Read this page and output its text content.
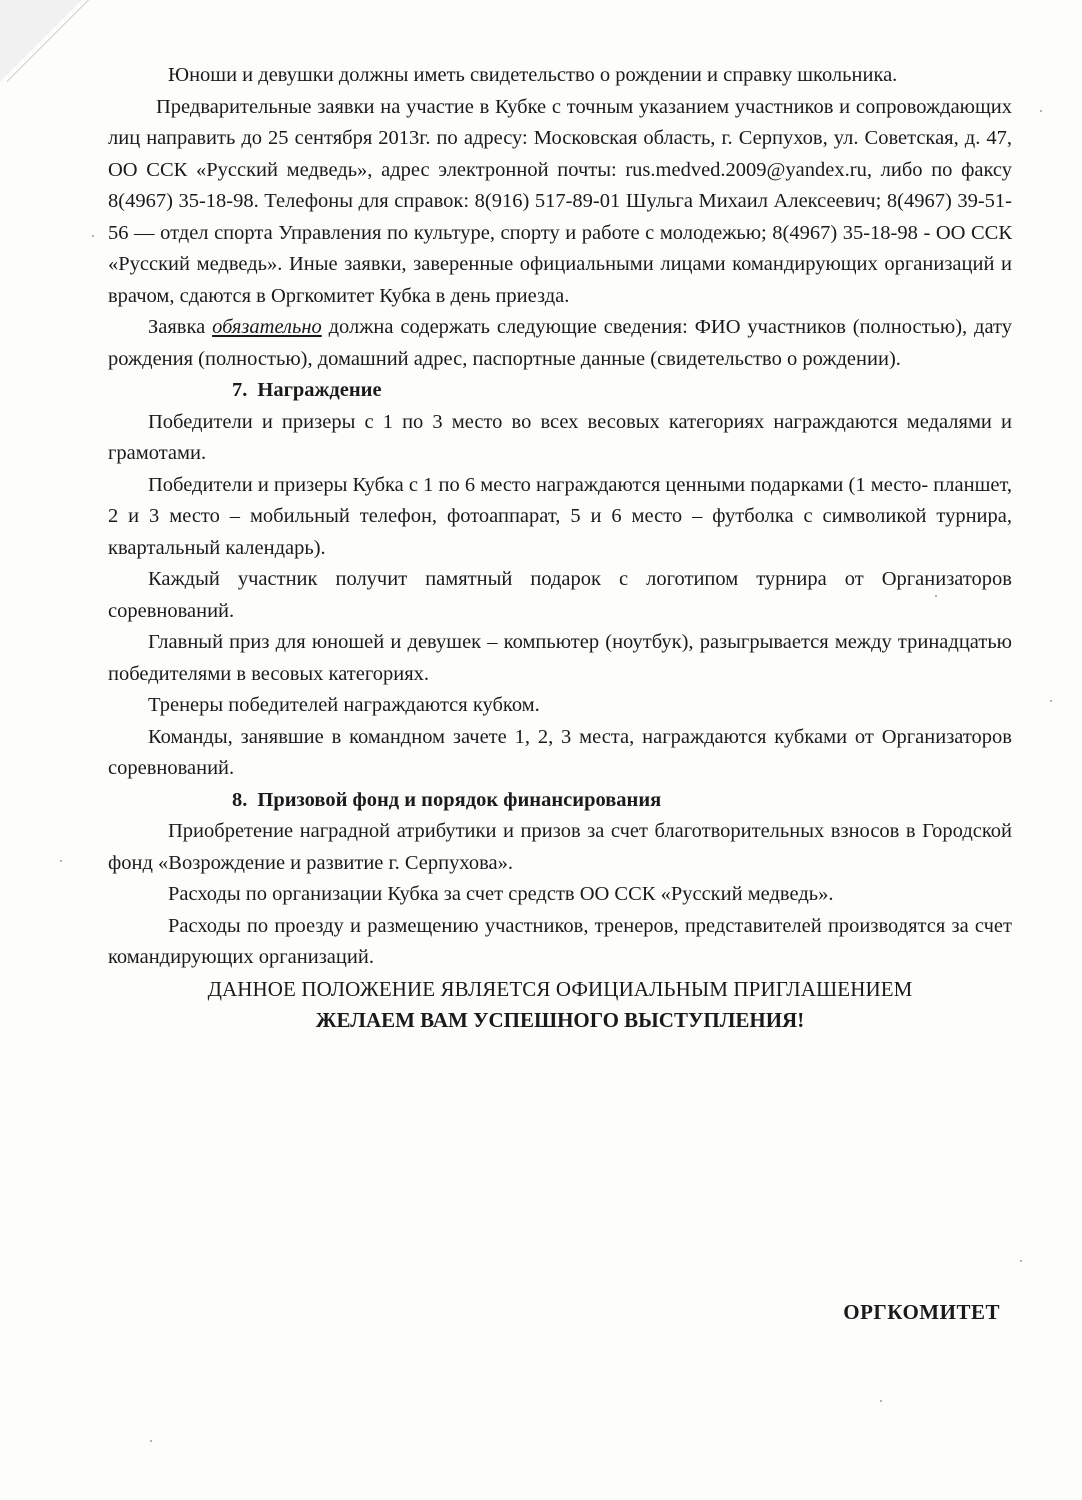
Юноши и девушки должны иметь свидетельство о рождении и справку школьника.

Предварительные заявки на участие в Кубке с точным указанием участников и сопровождающих лиц направить до 25 сентября 2013г. по адресу: Московская область, г. Серпухов, ул. Советская, д. 47, ОО ССК «Русский медведь», адрес электронной почты: rus.medved.2009@yandex.ru, либо по факсу 8(4967) 35-18-98. Телефоны для справок: 8(916) 517-89-01 Шульга Михаил Алексеевич; 8(4967) 39-51-56 — отдел спорта Управления по культуре, спорту и работе с молодежью; 8(4967) 35-18-98 - ОО ССК «Русский медведь». Иные заявки, заверенные официальными лицами командирующих организаций и врачом, сдаются в Оргкомитет Кубка в день приезда.

Заявка обязательно должна содержать следующие сведения: ФИО участников (полностью), дату рождения (полностью), домашний адрес, паспортные данные (свидетельство о рождении).

7. Награждение

Победители и призеры с 1 по 3 место во всех весовых категориях награждаются медалями и грамотами.

Победители и призеры Кубка с 1 по 6 место награждаются ценными подарками (1 место- планшет, 2 и 3 место – мобильный телефон, фотоаппарат, 5 и 6 место – футболка с символикой турнира, квартальный календарь).

Каждый участник получит памятный подарок с логотипом турнира от Организаторов соревнований.

Главный приз для юношей и девушек – компьютер (ноутбук), разыгрывается между тринадцатью победителями в весовых категориях.

Тренеры победителей награждаются кубком.

Команды, занявшие в командном зачете 1, 2, 3 места, награждаются кубками от Организаторов соревнований.

8. Призовой фонд и порядок финансирования

Приобретение наградной атрибутики и призов за счет благотворительных взносов в Городской фонд «Возрождение и развитие г. Серпухова».

Расходы по организации Кубка за счет средств ОО ССК «Русский медведь».

Расходы по проезду и размещению участников, тренеров, представителей производятся за счет командирующих организаций.

ДАННОЕ ПОЛОЖЕНИЕ ЯВЛЯЕТСЯ ОФИЦИАЛЬНЫМ ПРИГЛАШЕНИЕМ

ЖЕЛАЕМ ВАМ УСПЕШНОГО ВЫСТУПЛЕНИЯ!

ОРГКОМИТЕТ
